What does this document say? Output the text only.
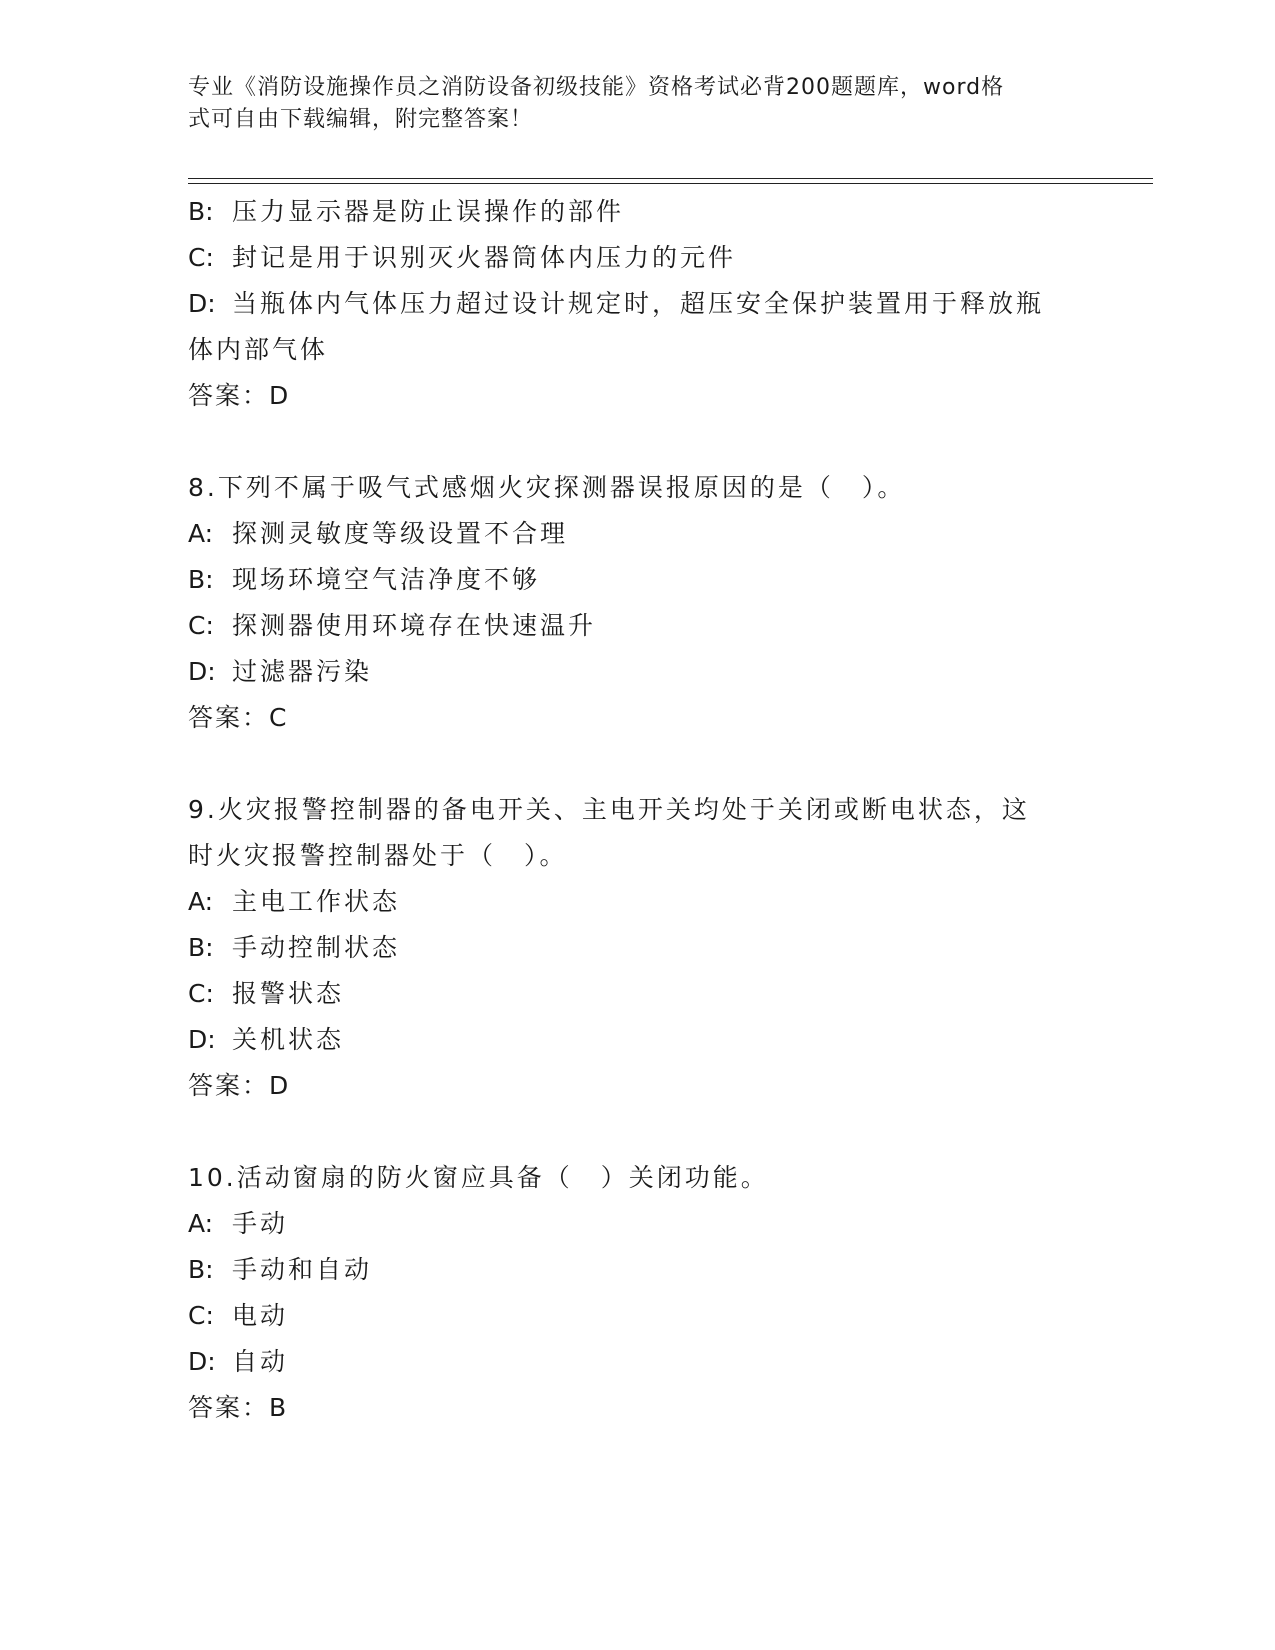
专业《消防设施操作员之消防设备初级技能》资格考试必背200题题库，word格
式可自由下载编辑，附完整答案！
B: 压力显示器是防止误操作的部件
C: 封记是用于识别灭火器筒体内压力的元件
D: 当瓶体内气体压力超过设计规定时，超压安全保护装置用于释放瓶
体内部气体
答案：D
8.下列不属于吸气式感烟火灾探测器误报原因的是（　）。
A: 探测灵敏度等级设置不合理
B: 现场环境空气洁净度不够
C: 探测器使用环境存在快速温升
D: 过滤器污染
答案：C
9.火灾报警控制器的备电开关、主电开关均处于关闭或断电状态，这
时火灾报警控制器处于（　）。
A: 主电工作状态
B: 手动控制状态
C: 报警状态
D: 关机状态
答案：D
10.活动窗扇的防火窗应具备（　）关闭功能。
A: 手动
B: 手动和自动
C: 电动
D: 自动
答案：B
